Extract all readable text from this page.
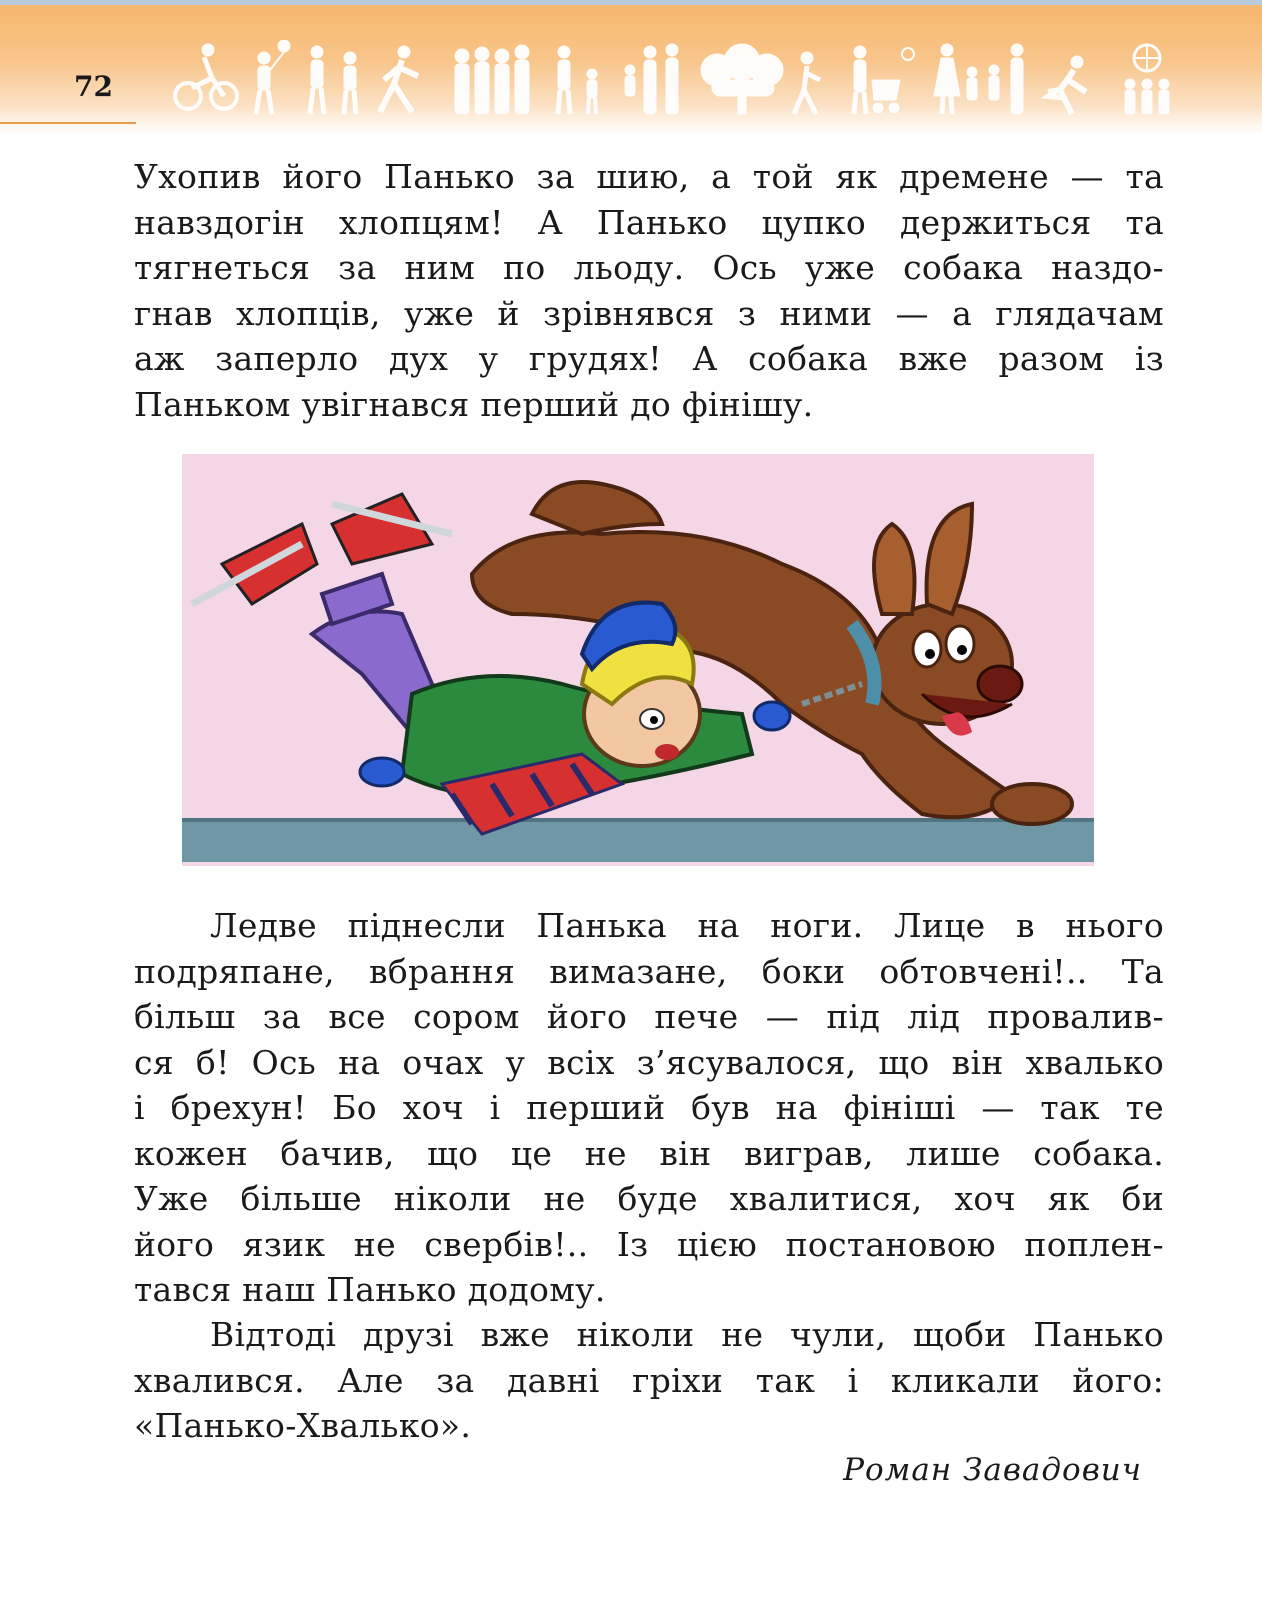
72
Ухопив його Панько за шию, а той як дремене — та
навздогін хлопцям! А Панько цупко держиться та
тягнеться за ним по льоду. Ось уже собака наздо-
гнав хлопців, уже й зрівнявся з ними — а глядачам
аж заперло дух у грудях! А собака вже разом із
Паньком увігнався перший до фінішу.
Ледве піднесли Панька на ноги. Лице в нього
подряпане, вбрання вимазане, боки обтовчені!.. Та
більш за все сором його пече — під лід провалив-
ся б! Ось на очах у всіх з’ясувалося, що він хвалько
і брехун! Бо хоч і перший був на фініші — так те
кожен бачив, що це не він виграв, лише собака.
Уже більше ніколи не буде хвалитися, хоч як би
його язик не свербів!.. Із цією постановою поплен-
тався наш Панько додому.
Відтоді друзі вже ніколи не чули, щоби Панько
хвалився. Але за давні гріхи так і кликали його:
«Панько-Хвалько».
Роман Завадович
